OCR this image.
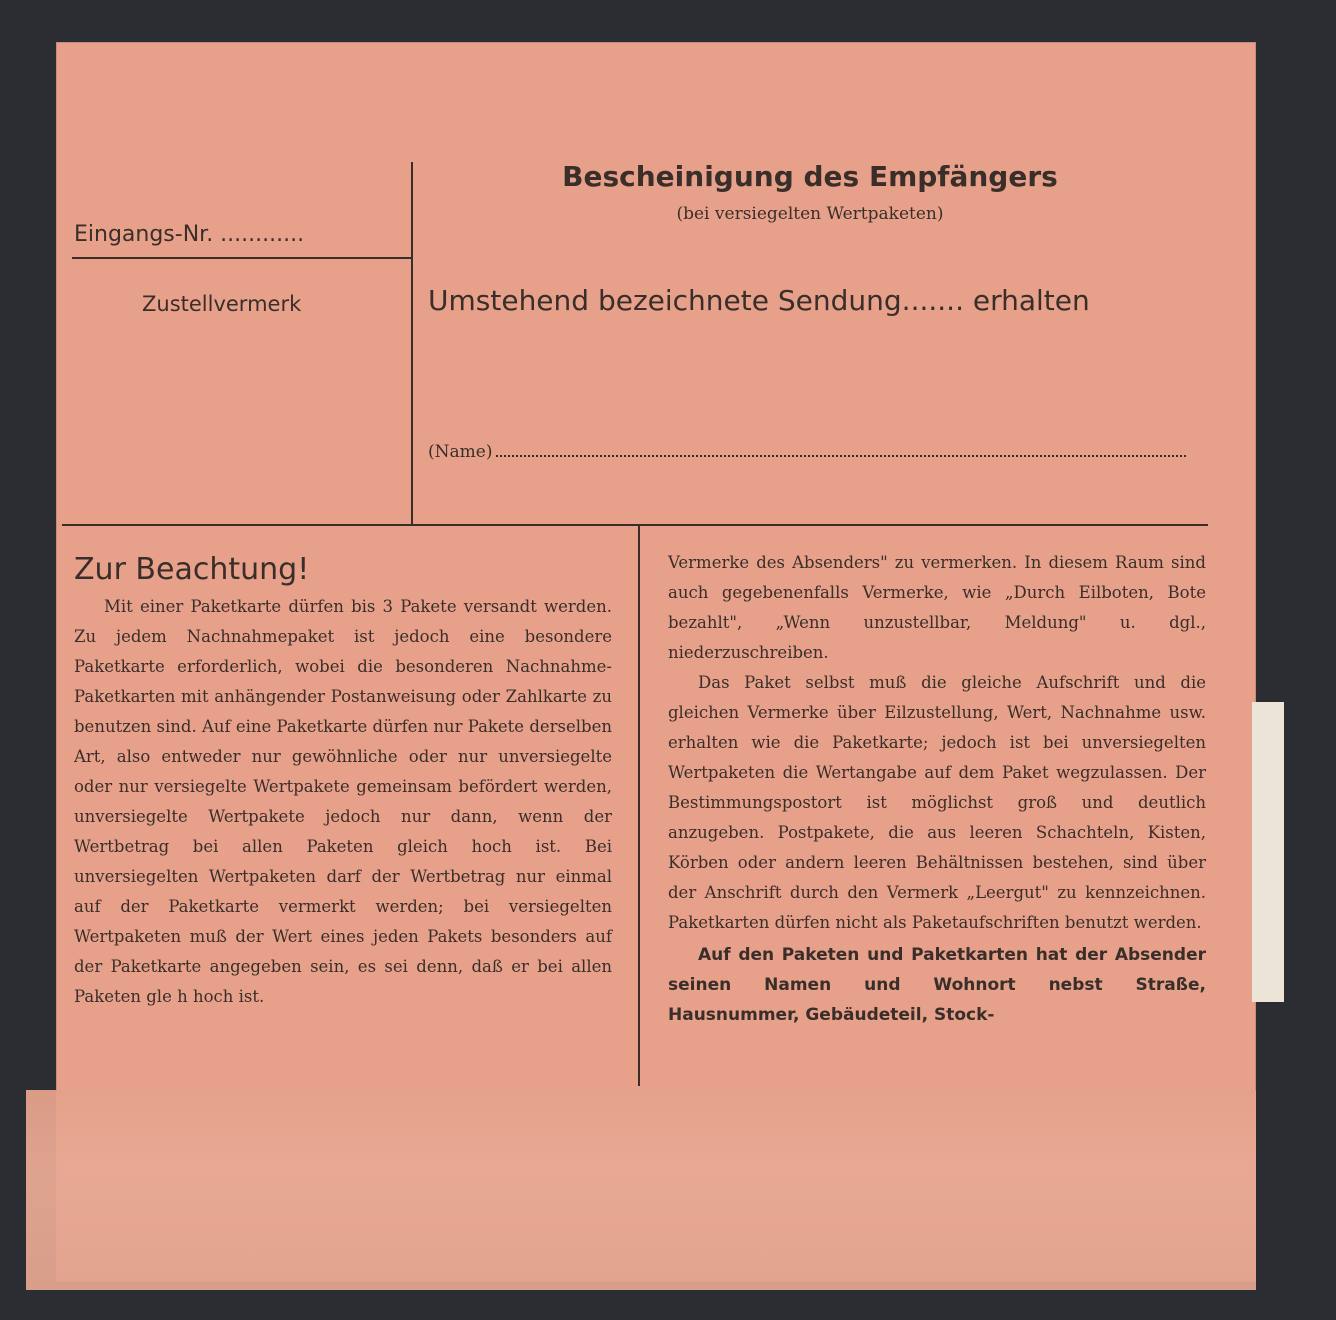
Eingangs-Nr. ............
Zustellvermerk
Bescheinigung des Empfängers
(bei versiegelten Wertpaketen)
Umstehend bezeichnete Sendung....... erhalten
(Name)
Zur Beachtung!

Mit einer Paketkarte dürfen bis 3 Pakete versandt werden. Zu jedem Nachnahmepaket ist jedoch eine besondere Paketkarte erforderlich, wobei die besonderen Nachnahme-Paketkarten mit anhängender Postanweisung oder Zahlkarte zu benutzen sind. Auf eine Paketkarte dürfen nur Pakete derselben Art, also entweder nur gewöhnliche oder nur unversiegelte oder nur versiegelte Wertpakete gemeinsam befördert werden, unversiegelte Wertpakete jedoch nur dann, wenn der Wertbetrag bei allen Paketen gleich hoch ist. Bei unversiegelten Wertpaketen darf der Wertbetrag nur einmal auf der Paketkarte vermerkt werden; bei versiegelten Wertpaketen muß der Wert eines jeden Pakets besonders auf der Paketkarte angegeben sein, es sei denn, daß er bei allen Paketen gle h hoch ist.

Vermerke des Absenders" zu vermerken. In diesem Raum sind auch gegebenenfalls Vermerke, wie „Durch Eilboten, Bote bezahlt", „Wenn unzustellbar, Meldung" u. dgl., niederzuschreiben.

Das Paket selbst muß die gleiche Aufschrift und die gleichen Vermerke über Eilzustellung, Wert, Nachnahme usw. erhalten wie die Paketkarte; jedoch ist bei unversiegelten Wertpaketen die Wertangabe auf dem Paket wegzulassen. Der Bestimmungspostort ist möglichst groß und deutlich anzugeben. Postpakete, die aus leeren Schachteln, Kisten, Körben oder andern leeren Behältnissen bestehen, sind über der Anschrift durch den Vermerk „Leergut" zu kennzeichnen. Paketkarten dürfen nicht als Paketaufschriften benutzt werden.

Auf den Paketen und Paketkarten hat der Absender seinen Namen und Wohnort nebst Straße, Hausnummer, Gebäudeteil, Stock-
